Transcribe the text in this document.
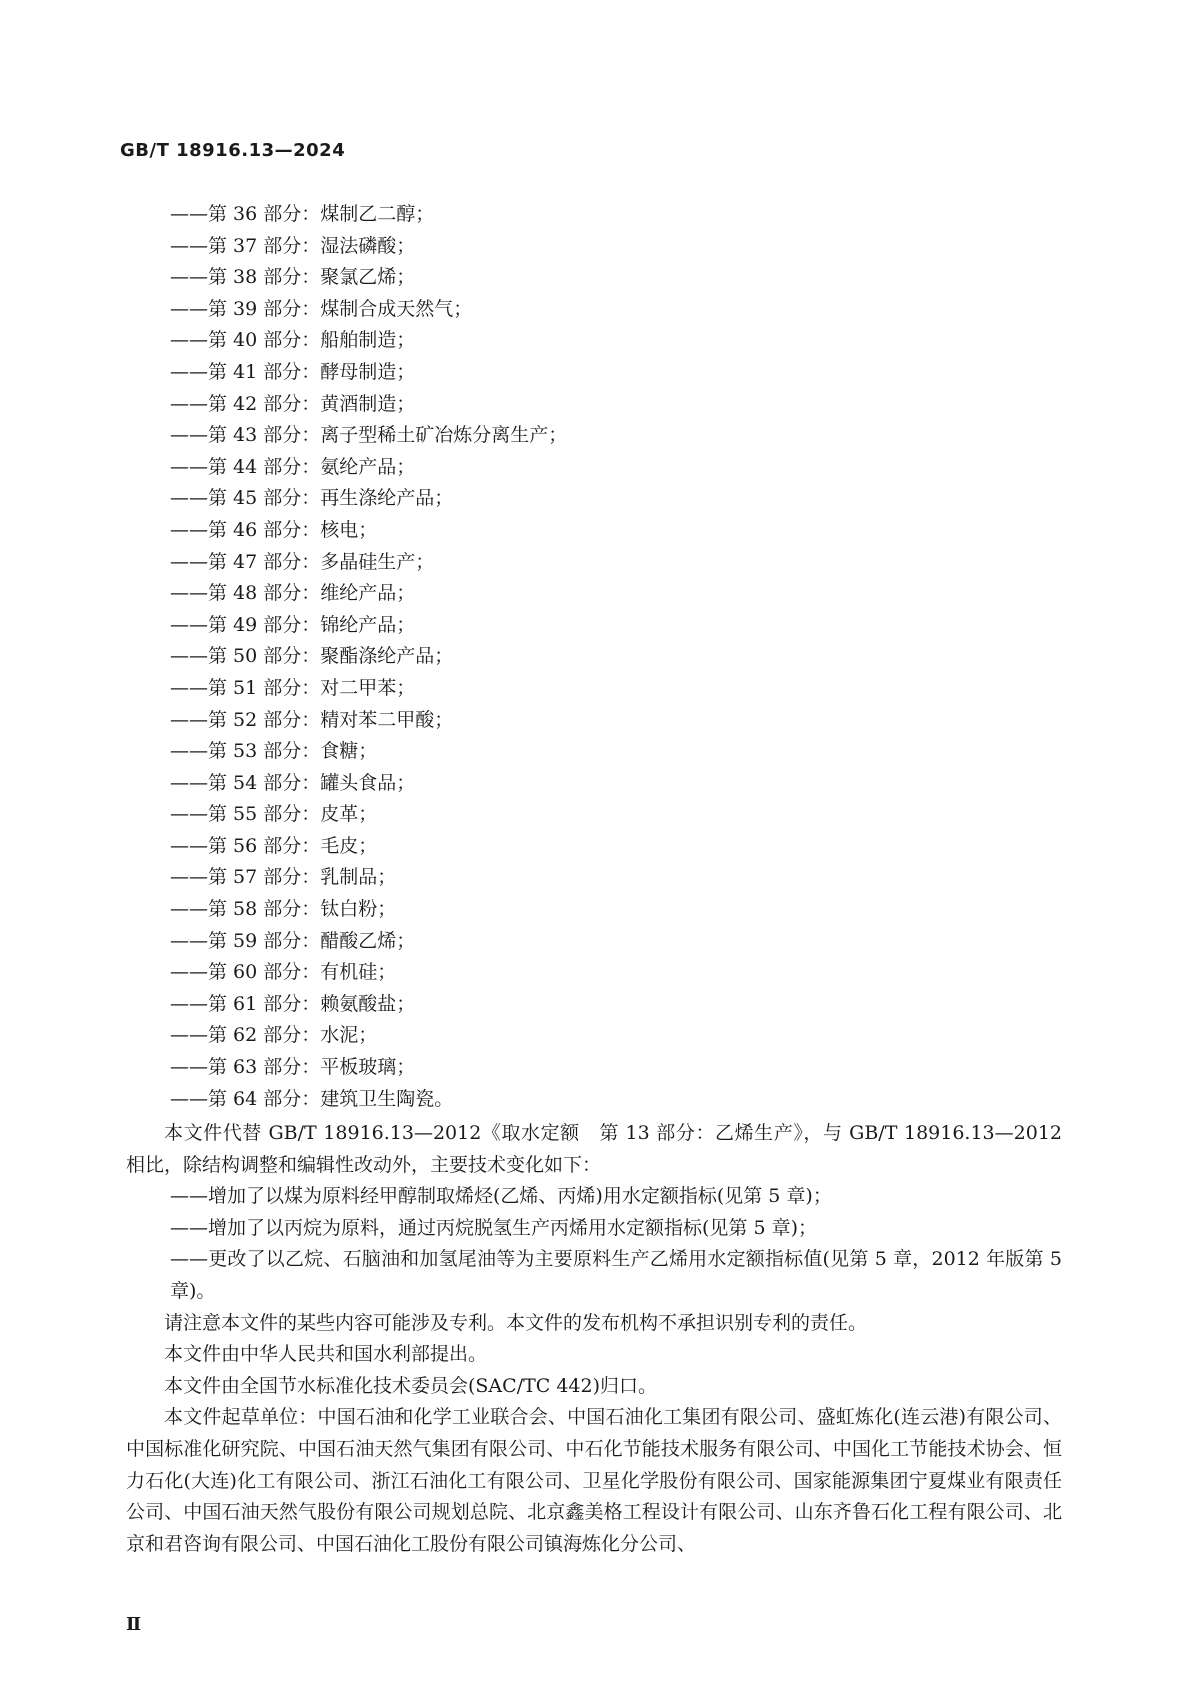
GB/T 18916.13—2024
——第 36 部分：煤制乙二醇；
——第 37 部分：湿法磷酸；
——第 38 部分：聚氯乙烯；
——第 39 部分：煤制合成天然气；
——第 40 部分：船舶制造；
——第 41 部分：酵母制造；
——第 42 部分：黄酒制造；
——第 43 部分：离子型稀土矿冶炼分离生产；
——第 44 部分：氨纶产品；
——第 45 部分：再生涤纶产品；
——第 46 部分：核电；
——第 47 部分：多晶硅生产；
——第 48 部分：维纶产品；
——第 49 部分：锦纶产品；
——第 50 部分：聚酯涤纶产品；
——第 51 部分：对二甲苯；
——第 52 部分：精对苯二甲酸；
——第 53 部分：食糖；
——第 54 部分：罐头食品；
——第 55 部分：皮革；
——第 56 部分：毛皮；
——第 57 部分：乳制品；
——第 58 部分：钛白粉；
——第 59 部分：醋酸乙烯；
——第 60 部分：有机硅；
——第 61 部分：赖氨酸盐；
——第 62 部分：水泥；
——第 63 部分：平板玻璃；
——第 64 部分：建筑卫生陶瓷。

本文件代替 GB/T 18916.13—2012《取水定额　第 13 部分：乙烯生产》，与 GB/T 18916.13—2012 相比，除结构调整和编辑性改动外，主要技术变化如下：

——增加了以煤为原料经甲醇制取烯烃(乙烯、丙烯)用水定额指标(见第 5 章)；

——增加了以丙烷为原料，通过丙烷脱氢生产丙烯用水定额指标(见第 5 章)；

——更改了以乙烷、石脑油和加氢尾油等为主要原料生产乙烯用水定额指标值(见第 5 章，2012 年版第 5 章)。

请注意本文件的某些内容可能涉及专利。本文件的发布机构不承担识别专利的责任。

本文件由中华人民共和国水利部提出。

本文件由全国节水标准化技术委员会(SAC/TC 442)归口。

本文件起草单位：中国石油和化学工业联合会、中国石油化工集团有限公司、盛虹炼化(连云港)有限公司、中国标准化研究院、中国石油天然气集团有限公司、中石化节能技术服务有限公司、中国化工节能技术协会、恒力石化(大连)化工有限公司、浙江石油化工有限公司、卫星化学股份有限公司、国家能源集团宁夏煤业有限责任公司、中国石油天然气股份有限公司规划总院、北京鑫美格工程设计有限公司、山东齐鲁石化工程有限公司、北京和君咨询有限公司、中国石油化工股份有限公司镇海炼化分公司、

Ⅱ
